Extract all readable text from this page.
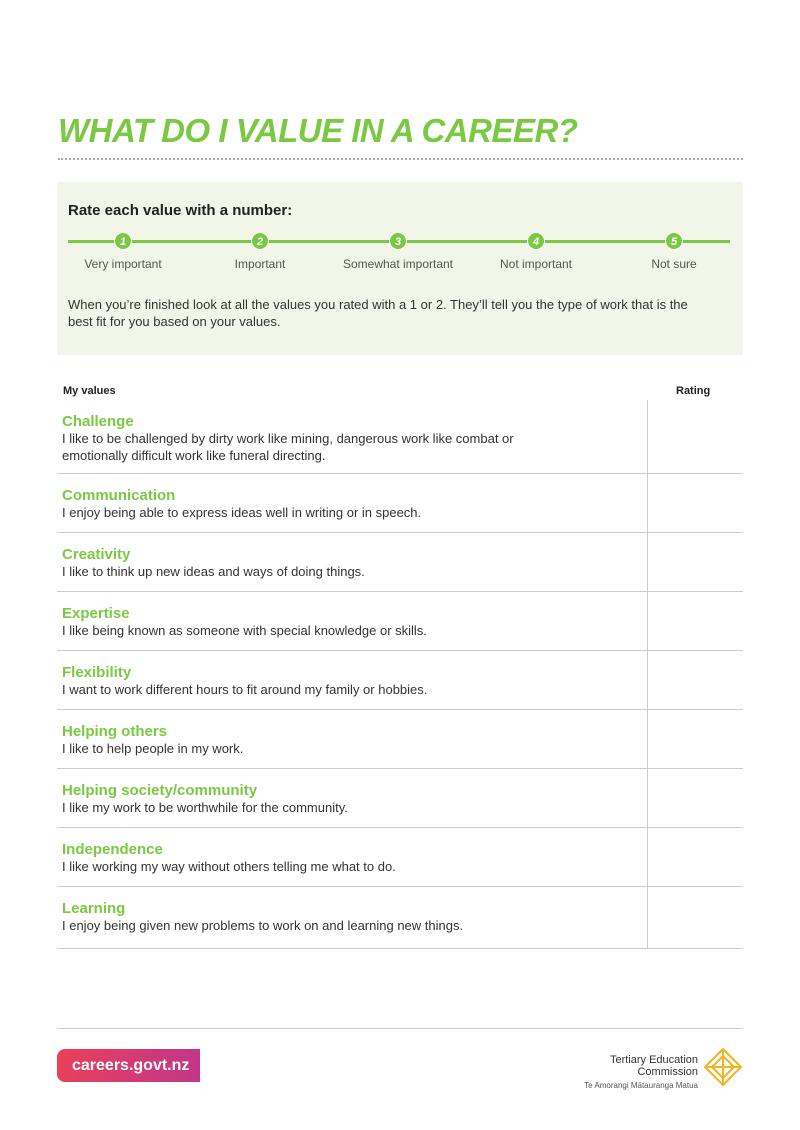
WHAT DO I VALUE IN A CAREER?
Rate each value with a number:
1
Very important
2
Important
3
Somewhat important
4
Not important
5
Not sure
When you’re finished look at all the values you rated with a 1 or 2. They’ll tell you the type of work that is the best fit for you based on your values.
My values	Rating
Challenge
I like to be challenged by dirty work like mining, dangerous work like combat or emotionally difficult work like funeral directing.
Communication
I enjoy being able to express ideas well in writing or in speech.
Creativity
I like to think up new ideas and ways of doing things.
Expertise
I like being known as someone with special knowledge or skills.
Flexibility
I want to work different hours to fit around my family or hobbies.
Helping others
I like to help people in my work.
Helping society/community
I like my work to be worthwhile for the community.
Independence
I like working my way without others telling me what to do.
Learning
I enjoy being given new problems to work on and learning new things.
careers.govt.nz	Tertiary Education
Commission
Te Amorangi Mātauranga Matua
